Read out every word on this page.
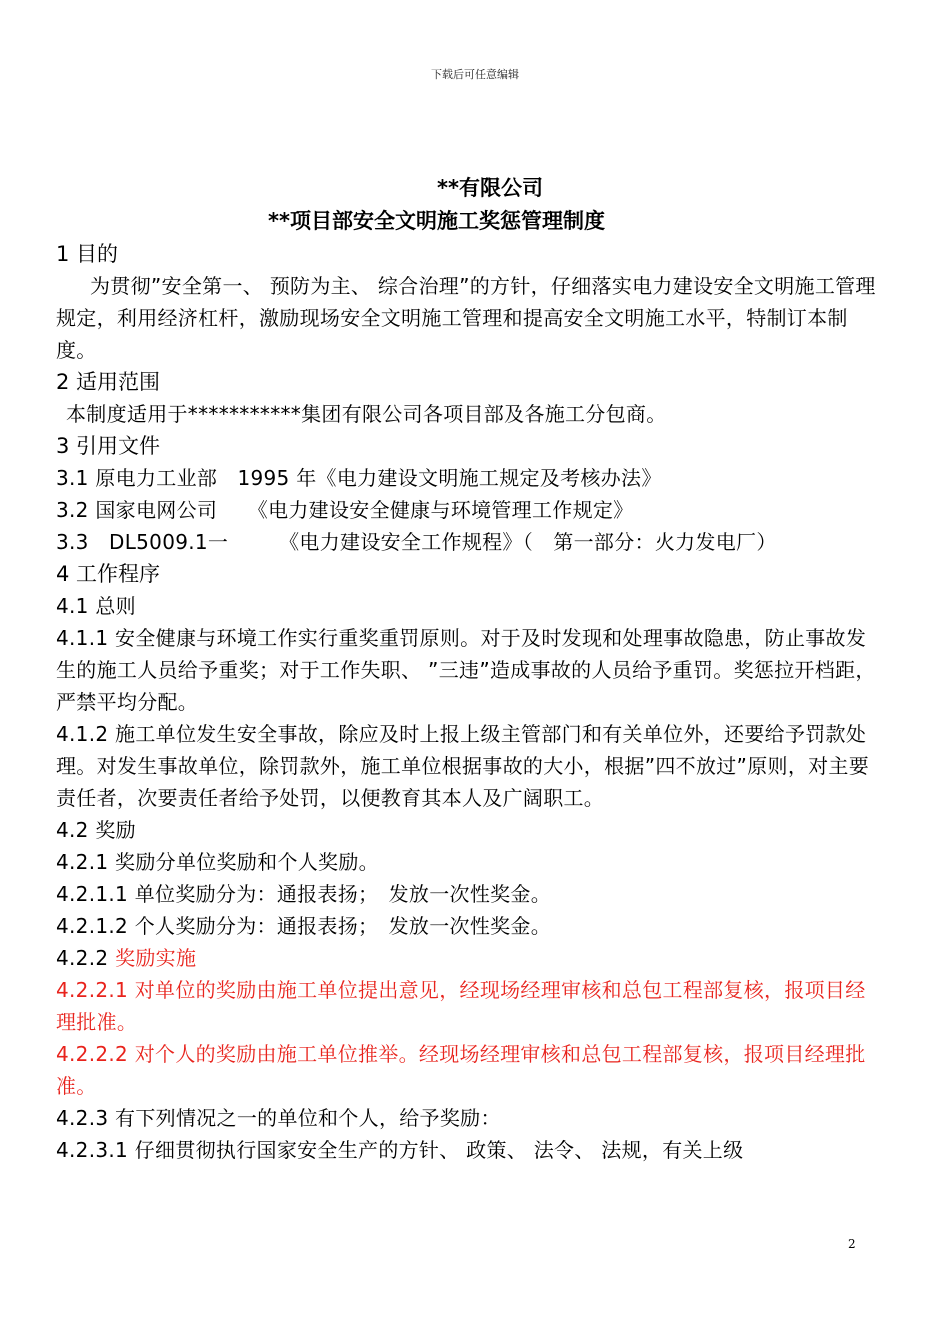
下载后可任意编辑
**有限公司
**项目部安全文明施工奖惩管理制度

1 目的

为贯彻”安全第一、 预防为主、 综合治理”的方针，仔细落实电力建设安全文明施工管理规定，利用经济杠杆，激励现场安全文明施工管理和提高安全文明施工水平，特制订本制度。

2 适用范围

本制度适用于***********集团有限公司各项目部及各施工分包商。

3 引用文件

3.1 原电力工业部　1995 年《电力建设文明施工规定及考核办法》

3.2 国家电网公司　　《电力建设安全健康与环境管理工作规定》

3.3　DL5009.1一　　　《电力建设安全工作规程》（　第一部分：火力发电厂）

4 工作程序

4.1 总则

4.1.1 安全健康与环境工作实行重奖重罚原则。对于及时发现和处理事故隐患，防止事故发生的施工人员给予重奖；对于工作失职、 ”三违”造成事故的人员给予重罚。奖惩拉开档距，严禁平均分配。

4.1.2 施工单位发生安全事故，除应及时上报上级主管部门和有关单位外，还要给予罚款处理。对发生事故单位，除罚款外，施工单位根据事故的大小，根据”四不放过”原则，对主要责任者，次要责任者给予处罚，以便教育其本人及广阔职工。

4.2 奖励

4.2.1 奖励分单位奖励和个人奖励。

4.2.1.1 单位奖励分为：通报表扬；　发放一次性奖金。

4.2.1.2 个人奖励分为：通报表扬；　发放一次性奖金。

4.2.2 奖励实施

4.2.2.1 对单位的奖励由施工单位提出意见，经现场经理审核和总包工程部复核，报项目经理批准。

4.2.2.2 对个人的奖励由施工单位推举。经现场经理审核和总包工程部复核，报项目经理批准。

4.2.3 有下列情况之一的单位和个人，给予奖励：

4.2.3.1 仔细贯彻执行国家安全生产的方针、 政策、 法令、 法规，有关上级

2
